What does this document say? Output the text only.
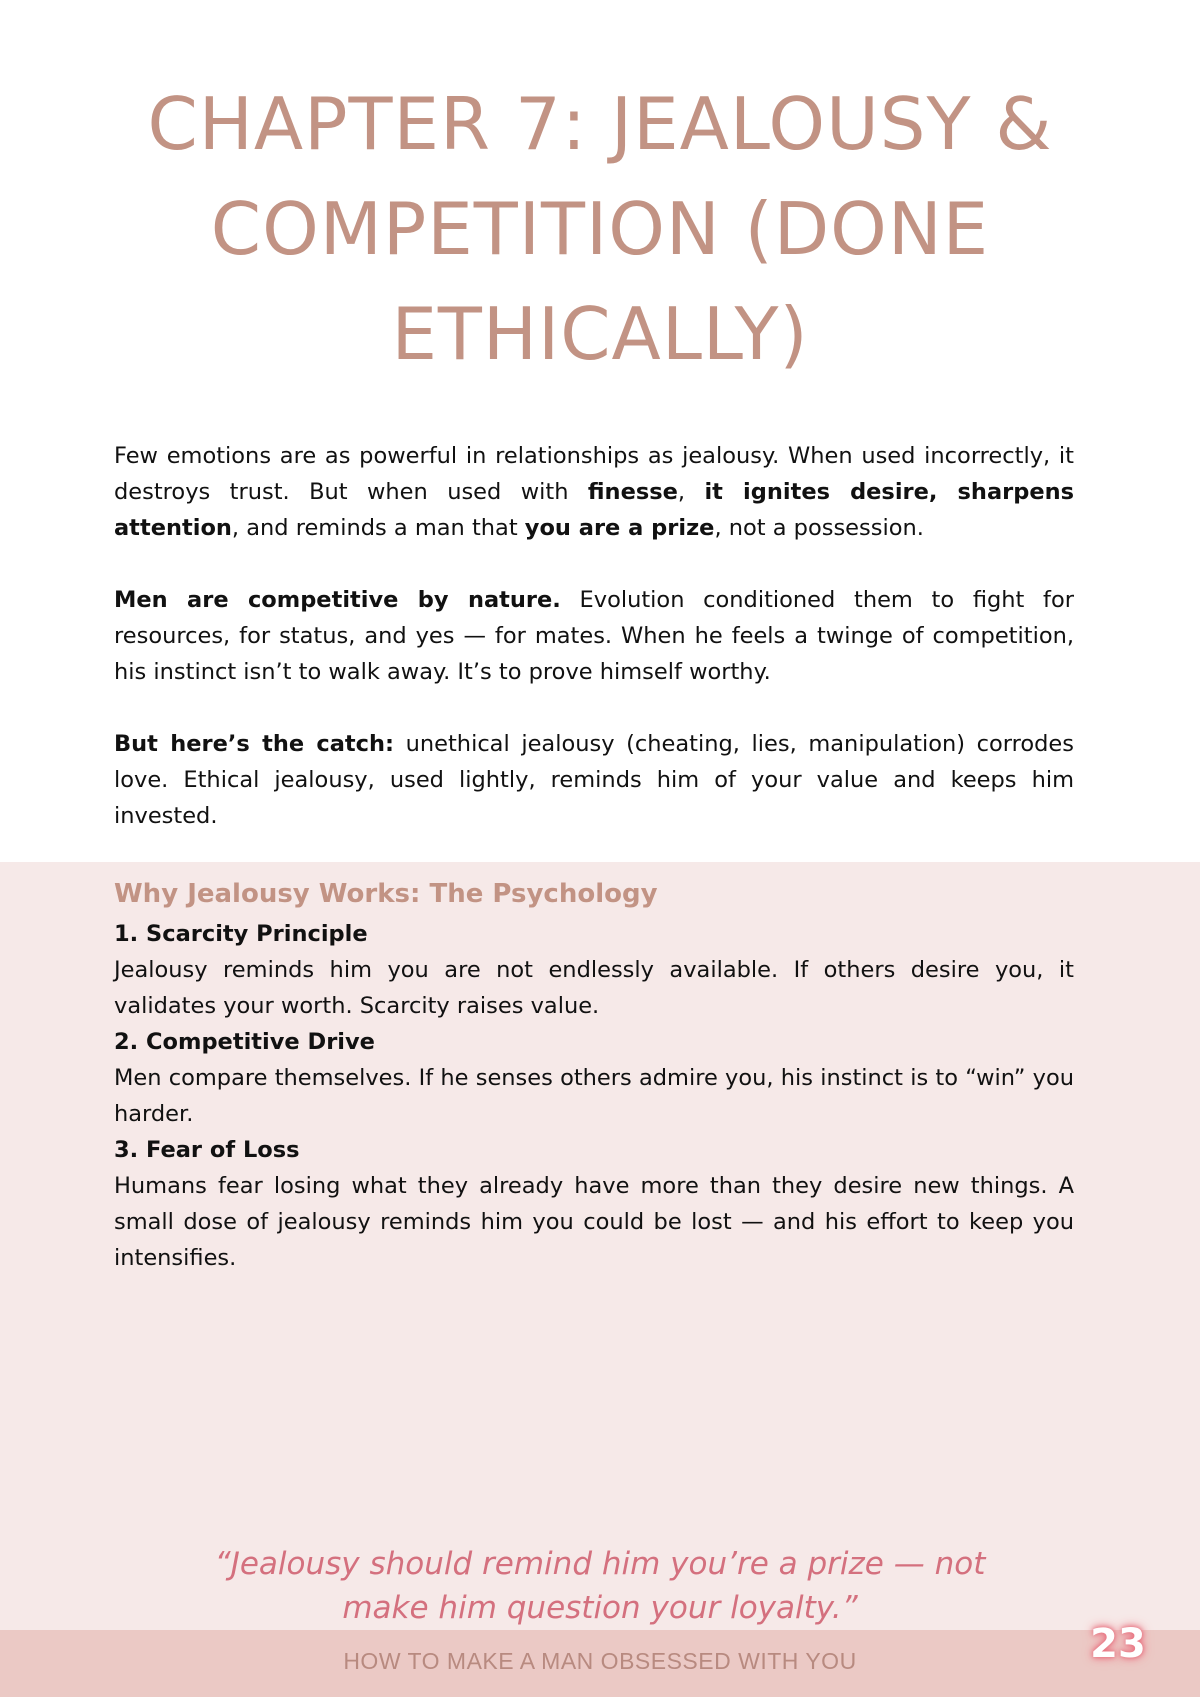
CHAPTER 7: JEALOUSY &
COMPETITION (DONE
ETHICALLY)

Few emotions are as powerful in relationships as jealousy. When used incorrectly, it destroys trust. But when used with finesse, it ignites desire, sharpens attention, and reminds a man that you are a prize, not a possession.

Men are competitive by nature. Evolution conditioned them to fight for resources, for status, and yes — for mates. When he feels a twinge of competition, his instinct isn’t to walk away. It’s to prove himself worthy.

But here’s the catch: unethical jealousy (cheating, lies, manipulation) corrodes love. Ethical jealousy, used lightly, reminds him of your value and keeps him invested.

Why Jealousy Works: The Psychology

1. Scarcity Principle

Jealousy reminds him you are not endlessly available. If others desire you, it validates your worth. Scarcity raises value.

2. Competitive Drive

Men compare themselves. If he senses others admire you, his instinct is to “win” you harder.

3. Fear of Loss

Humans fear losing what they already have more than they desire new things. A small dose of jealousy reminds him you could be lost — and his effort to keep you intensifies.

“Jealousy should remind him you’re a prize — not
make him question your loyalty.”
HOW TO MAKE A MAN OBSESSED WITH YOU	23
